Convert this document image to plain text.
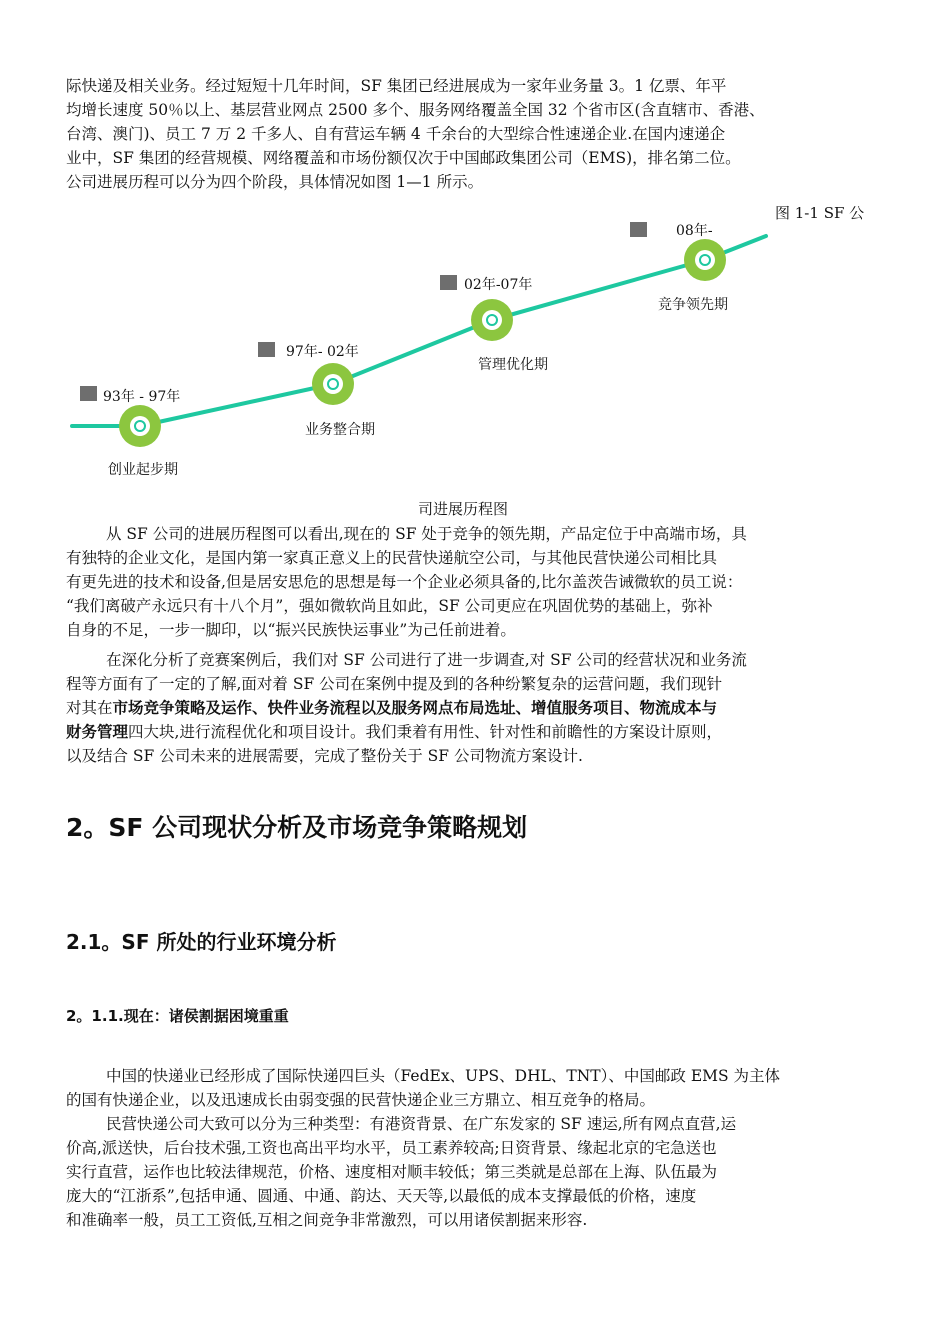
际快递及相关业务。经过短短十几年时间，SF 集团已经进展成为一家年业务量 3。1 亿票、年平
均增长速度 50％以上、基层营业网点 2500 多个、服务网络覆盖全国 32 个省市区(含直辖市、香港、
台湾、澳门)、员工 7 万 2 千多人、自有营运车辆 4 千余台的大型综合性速递企业.在国内速递企
业中，SF 集团的经营规模、网络覆盖和市场份额仅次于中国邮政集团公司（EMS)，排名第二位。
公司进展历程可以分为四个阶段，具体情况如图 1—1 所示。
图 1-1 SF 公
93年 - 97年
创业起步期
97年- 02年
业务整合期
02年-07年
管理优化期
08年-
竞争领先期
司进展历程图
从 SF 公司的进展历程图可以看出,现在的 SF 处于竞争的领先期，产品定位于中高端市场，具
有独特的企业文化，是国内第一家真正意义上的民营快递航空公司，与其他民营快递公司相比具
有更先进的技术和设备,但是居安思危的思想是每一个企业必须具备的,比尔盖茨告诫微软的员工说：
“我们离破产永远只有十八个月”，强如微软尚且如此，SF 公司更应在巩固优势的基础上，弥补
自身的不足，一步一脚印，以“振兴民族快运事业”为己任前进着。
在深化分析了竞赛案例后，我们对 SF 公司进行了进一步调查,对 SF 公司的经营状况和业务流
程等方面有了一定的了解,面对着 SF 公司在案例中提及到的各种纷繁复杂的运营问题，我们现针
对其在市场竞争策略及运作、快件业务流程以及服务网点布局选址、增值服务项目、物流成本与
财务管理四大块,进行流程优化和项目设计。我们秉着有用性、针对性和前瞻性的方案设计原则，
以及结合 SF 公司未来的进展需要，完成了整份关于 SF 公司物流方案设计.
2。SF 公司现状分析及市场竞争策略规划
2.1。SF 所处的行业环境分析
2。1.1.现在：诸侯割据困境重重
中国的快递业已经形成了国际快递四巨头（FedEx、UPS、DHL、TNT）、中国邮政 EMS 为主体
的国有快递企业，以及迅速成长由弱变强的民营快递企业三方鼎立、相互竞争的格局。
民营快递公司大致可以分为三种类型：有港资背景、在广东发家的 SF 速运,所有网点直营,运
价高,派送快，后台技术强,工资也高出平均水平，员工素养较高;日资背景、缘起北京的宅急送也
实行直营，运作也比较法律规范，价格、速度相对顺丰较低；第三类就是总部在上海、队伍最为
庞大的“江浙系”,包括申通、圆通、中通、韵达、天天等,以最低的成本支撑最低的价格，速度
和准确率一般，员工工资低,互相之间竞争非常激烈，可以用诸侯割据来形容.
